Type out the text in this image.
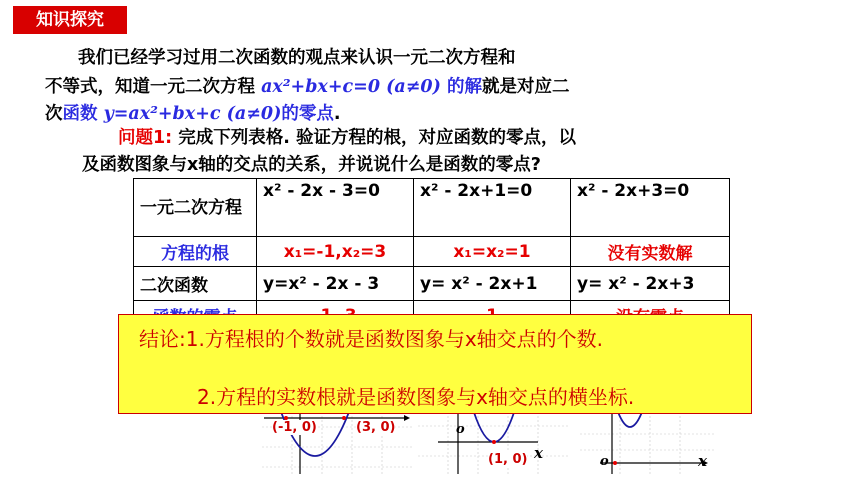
知识探究
我们已经学习过用二次函数的观点来认识一元二次方程和
不等式，知道一元二次方程 ax²+bx+c=0 (a≠0) 的解就是对应二
次函数 y=ax²+bx+c (a≠0)的零点.
问题1: 完成下列表格. 验证方程的根，对应函数的零点，以
及函数图象与x轴的交点的关系，并说说什么是函数的零点?
一元二次方程	x² - 2x - 3=0	x² - 2x+1=0	x² - 2x+3=0
方程的根	x₁=-1,x₂=3	x₁=x₂=1	没有实数解
二次函数	y=x² - 2x - 3	y= x² - 2x+1	y= x² - 2x+3

(-1, 0)	(3, 0)	o
(1, 0) x	o	x
结论:1.方程根的个数就是函数图象与x轴交点的个数.
2.方程的实数根就是函数图象与x轴交点的横坐标.
